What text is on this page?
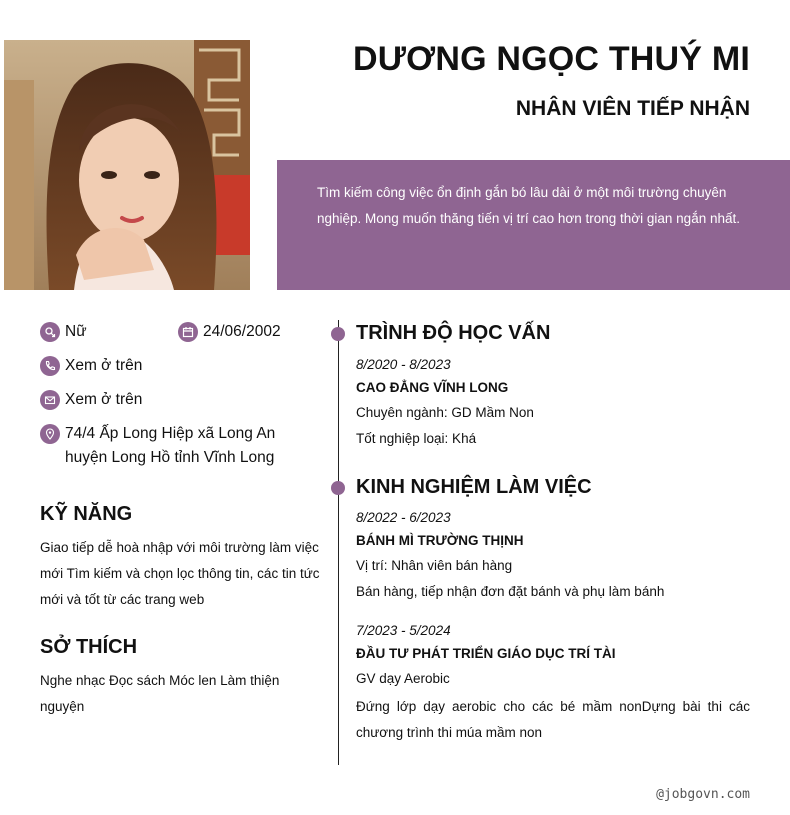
DƯƠNG NGỌC THUÝ MI
NHÂN VIÊN TIẾP NHẬN
Tìm kiếm công việc ổn định gắn bó lâu dài ở một môi trường chuyên nghiệp. Mong muốn thăng tiến vị trí cao hơn trong thời gian ngắn nhất.
Nữ	24/06/2002
Xem ở trên
Xem ở trên
74/4 Ấp Long Hiệp xã Long An huyện Long Hồ tỉnh Vĩnh Long
KỸ NĂNG
Giao tiếp dễ hoà nhập với môi trường làm việc mới Tìm kiếm và chọn lọc thông tin, các tin tức mới và tốt từ các trang web
SỞ THÍCH
Nghe nhạc Đọc sách Móc len Làm thiện nguyện
TRÌNH ĐỘ HỌC VẤN
8/2020 - 8/2023
CAO ĐẲNG VĨNH LONG
Chuyên ngành: GD Mầm Non
Tốt nghiệp loại: Khá
KINH NGHIỆM LÀM VIỆC
8/2022 - 6/2023
BÁNH MÌ TRƯỜNG THỊNH
Vị trí: Nhân viên bán hàng
Bán hàng, tiếp nhận đơn đặt bánh và phụ làm bánh
7/2023 - 5/2024
ĐẦU TƯ PHÁT TRIỂN GIÁO DỤC TRÍ TÀI
GV dạy Aerobic
Đứng lớp dạy aerobic cho các bé mầm nonDựng bài thi các chương trình thi múa mầm non
@jobgovn.com
